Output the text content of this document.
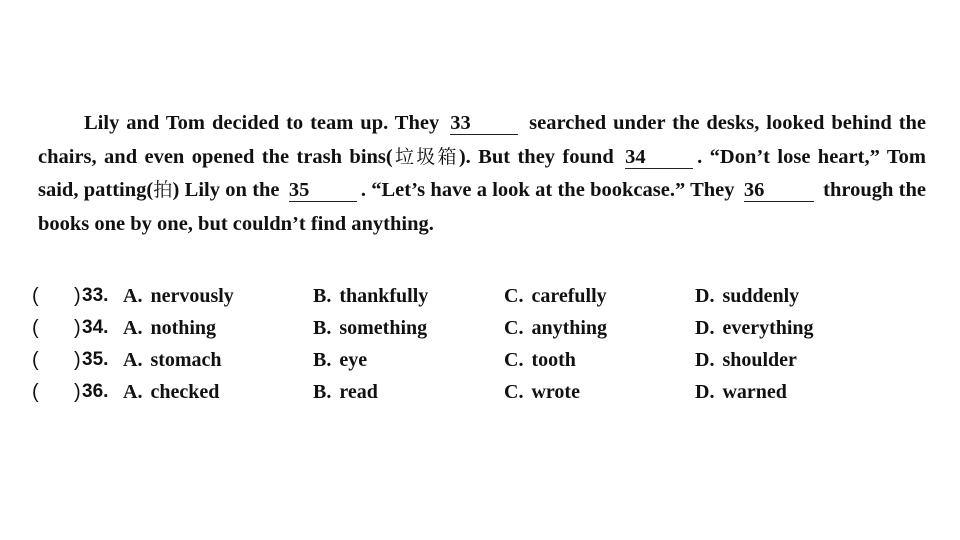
Lily and Tom decided to team up. They 33	searched under the desks, looked behind the chairs, and even opened the trash bins(垃圾箱). But they found 34	. “Don’t lose heart,” Tom said, patting(拍) Lily on the 35	. “Let’s have a look at the bookcase.” They 36	through the books one by one, but couldn’t find anything.
( ) 33. A. nervously	B. thankfully	C. carefully	D. suddenly
( ) 34. A. nothing	B. something	C. anything	D. everything
( ) 35. A. stomach	B. eye	C. tooth	D. shoulder
( ) 36. A. checked	B. read	C. wrote	D. warned
